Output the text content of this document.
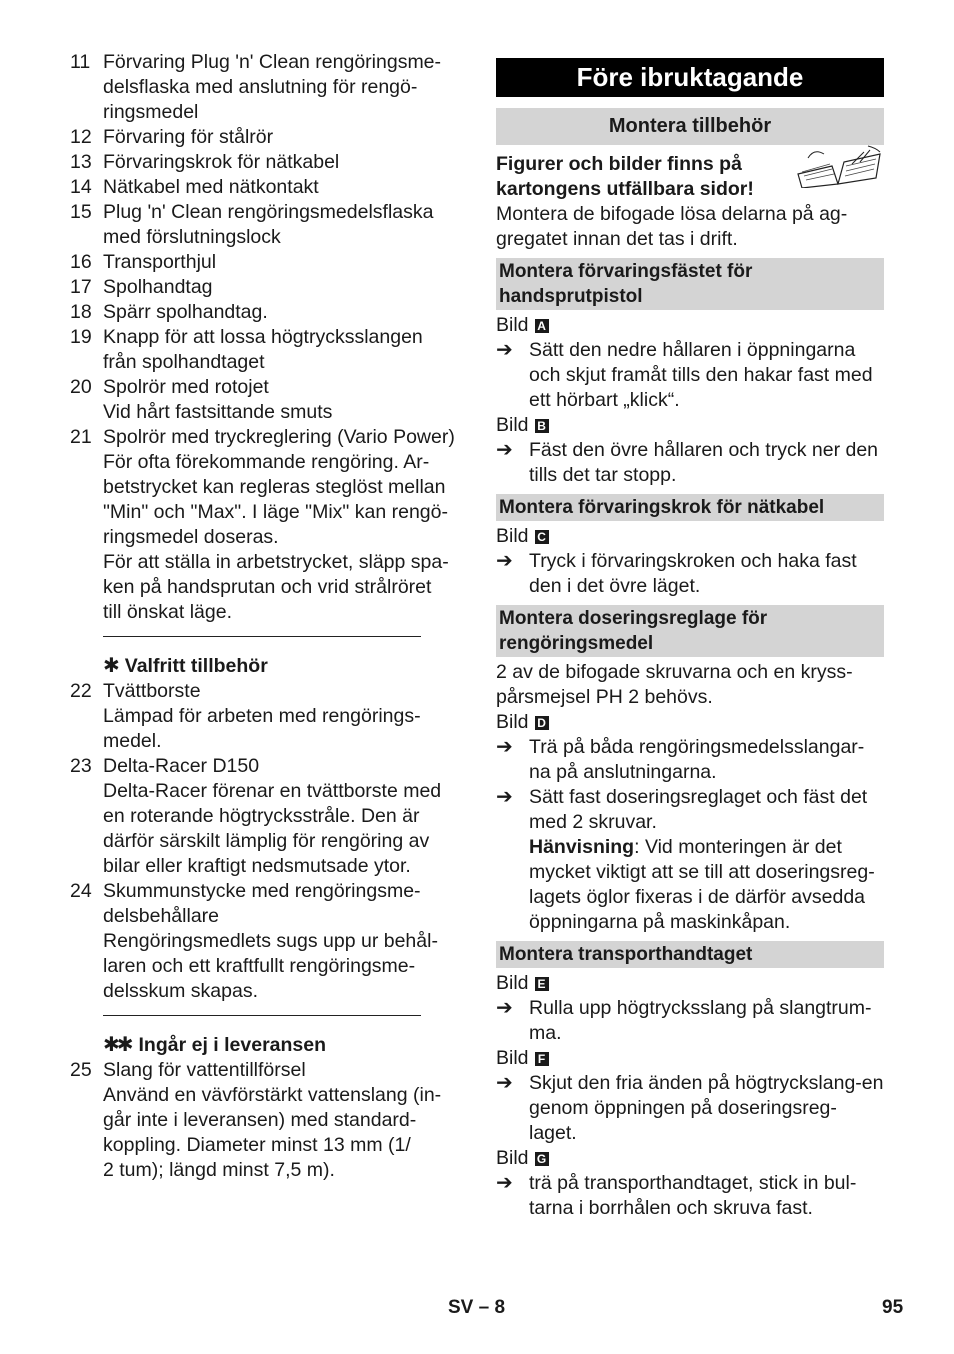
11 Förvaring Plug 'n' Clean rengöringsme-
delsflaska med anslutning för rengö-
ringsmedel
12 Förvaring för stålrör
13 Förvaringskrok för nätkabel
14 Nätkabel med nätkontakt
15 Plug 'n' Clean rengöringsmedelsflaska
med förslutningslock
16 Transporthjul
17 Spolhandtag
18 Spärr spolhandtag.
19 Knapp för att lossa högtrycksslangen
från spolhandtaget
20 Spolrör med rotojet
Vid hårt fastsittande smuts
21 Spolrör med tryckreglering (Vario Power)
För ofta förekommande rengöring. Ar-
betstrycket kan regleras steglöst mellan
"Min" och "Max". I läge "Mix" kan rengö-
ringsmedel doseras.
För att ställa in arbetstrycket, släpp spa-
ken på handsprutan och vrid strålröret
till önskat läge.
✱ Valfritt tillbehör
22 Tvättborste
Lämpad för arbeten med rengörings-
medel.
23 Delta-Racer D150
Delta-Racer förenar en tvättborste med
en roterande högtrycksstråle. Den är
därför särskilt lämplig för rengöring av
bilar eller kraftigt nedsmutsade ytor.
24 Skummunstycke med rengöringsme-
delsbehållare
Rengöringsmedlets sugs upp ur behål-
laren och ett kraftfullt rengöringsme-
delsskum skapas.
✱✱ Ingår ej i leveransen
25 Slang för vattentillförsel
Använd en vävförstärkt vattenslang (in-
går inte i leveransen) med standard-
koppling. Diameter minst 13 mm (1/
2 tum); längd minst 7,5 m).
Före ibruktagande
Montera tillbehör
Figurer och bilder finns på kartongens utfällbara sidor!
Montera de bifogade lösa delarna på ag-gregatet innan det tas i drift.
Montera förvaringsfästet för handsprutpistol
Bild A
➔ Sätt den nedre hållaren i öppningarna och skjut framåt tills den hakar fast med ett hörbart „klick“.
Bild B
➔ Fäst den övre hållaren och tryck ner den tills det tar stopp.
Montera förvaringskrok för nätkabel
Bild C
➔ Tryck i förvaringskroken och haka fast den i det övre läget.
Montera doseringsreglage för rengöringsmedel
2 av de bifogade skruvarna och en kryss-pårsmejsel PH 2 behövs.
Bild D
➔ Trä på båda rengöringsmedelsslangar-na på anslutningarna.
➔ Sätt fast doseringsreglaget och fäst det med 2 skruvar.
Hänvisning: Vid monteringen är det mycket viktigt att se till att doseringsreg-lagets öglor fixeras i de därför avsedda öppningarna på maskinkåpan.
Montera transporthandtaget
Bild E
➔ Rulla upp högtrycksslang på slangtrum-ma.
Bild F
➔ Skjut den fria änden på högtryckslang-en genom öppningen på doseringsreg-laget.
Bild G
➔ trä på transporthandtaget, stick in bul-tarna i borrhålen och skruva fast.
SV – 8	95
